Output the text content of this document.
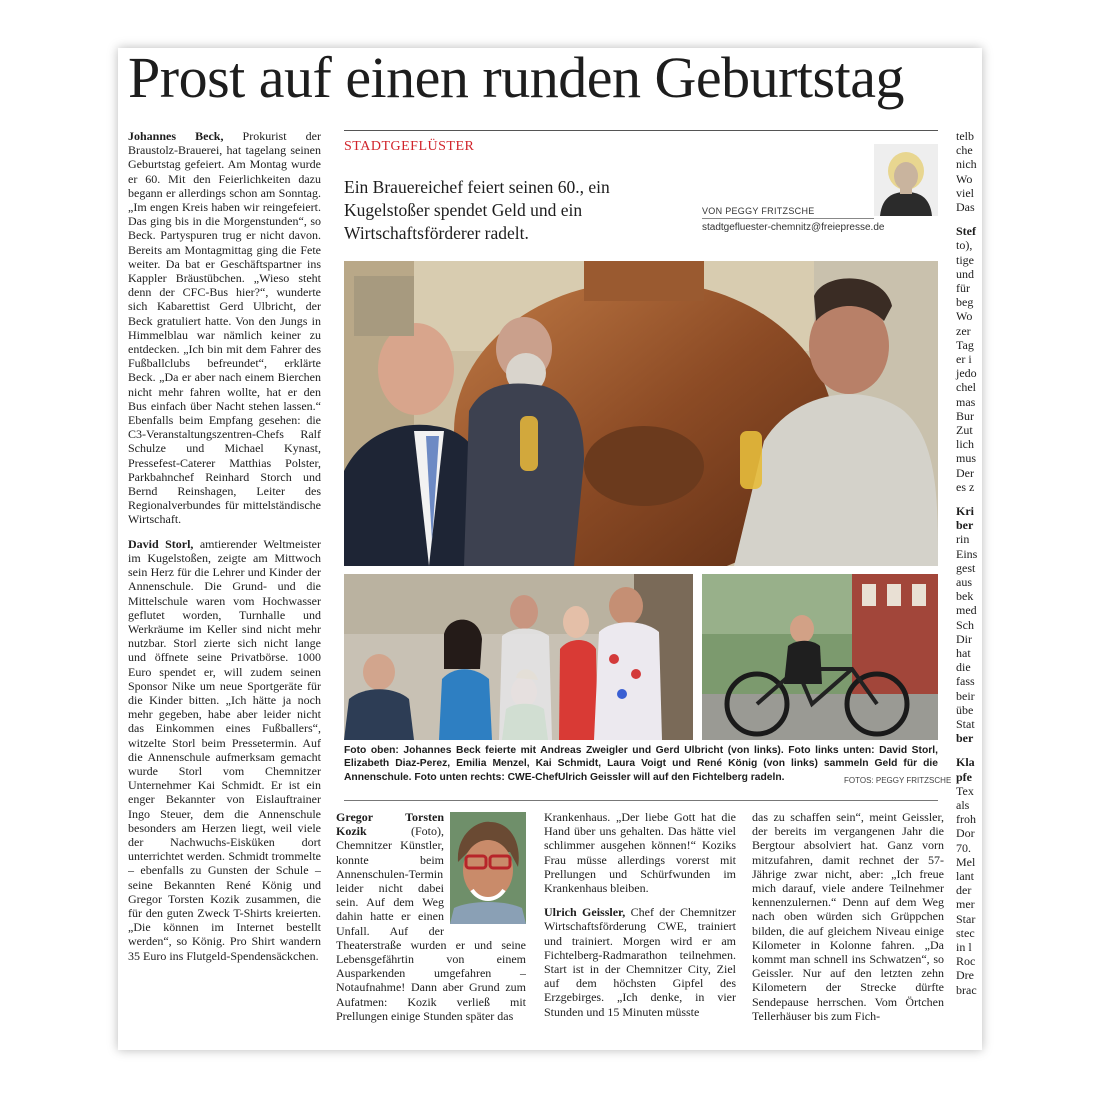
Prost auf einen runden Geburtstag

Johannes Beck, Prokurist der Braustolz-Brauerei, hat tagelang seinen Geburtstag gefeiert. Am Montag wurde er 60. Mit den Feierlichkeiten dazu begann er allerdings schon am Sonntag. „Im engen Kreis haben wir reingefeiert. Das ging bis in die Morgenstunden“, so Beck. Partyspuren trug er nicht davon. Bereits am Montagmittag ging die Fete weiter. Da bat er Geschäftspartner ins Kappler Bräustübchen. „Wieso steht denn der CFC-Bus hier?“, wunderte sich Kabarettist Gerd Ulbricht, der Beck gratuliert hatte. Von den Jungs in Himmelblau war nämlich keiner zu entdecken. „Ich bin mit dem Fahrer des Fußballclubs befreundet“, erklärte Beck. „Da er aber nach einem Bierchen nicht mehr fahren wollte, hat er den Bus einfach über Nacht stehen lassen.“ Ebenfalls beim Empfang gesehen: die C3-Veranstaltungszentren-Chefs Ralf Schulze und Michael Kynast, Pressefest-Caterer Matthias Polster, Parkbahnchef Reinhard Storch und Bernd Reinshagen, Leiter des Regionalverbundes für mittelständische Wirtschaft.

David Storl, amtierender Weltmeister im Kugelstoßen, zeigte am Mittwoch sein Herz für die Lehrer und Kinder der Annenschule. Die Grund- und die Mittelschule waren vom Hochwasser geflutet worden, Turnhalle und Werkräume im Keller sind nicht mehr nutzbar. Storl zierte sich nicht lange und öffnete seine Privatbörse. 1000 Euro spendet er, will zudem seinen Sponsor Nike um neue Sportgeräte für die Kinder bitten. „Ich hätte ja noch mehr gegeben, habe aber leider nicht das Einkommen eines Fußballers“, witzelte Storl beim Pressetermin. Auf die Annenschule aufmerksam gemacht wurde Storl vom Chemnitzer Unternehmer Kai Schmidt. Er ist ein enger Bekannter von Eislauftrainer Ingo Steuer, dem die Annenschule besonders am Herzen liegt, weil viele der Nachwuchs-Eisküken dort unterrichtet werden. Schmidt trommelte – ebenfalls zu Gunsten der Schule – seine Bekannten René König und Gregor Torsten Kozik zusammen, die für den guten Zweck T-Shirts kreierten. „Die können im Internet bestellt werden“, so König. Pro Shirt wandern 35 Euro ins Flutgeld-Spendensäckchen.

STADTGEFLÜSTER
Ein Brauereichef feiert seinen 60., ein Kugelstoßer spendet Geld und ein Wirtschaftsförderer radelt.
VON PEGGY FRITZSCHE
stadtgefluester-chemnitz@freiepresse.de
Foto oben: Johannes Beck feierte mit Andreas Zweigler und Gerd Ulbricht (von links). Foto links unten: David Storl, Elizabeth Diaz-Perez, Emilia Menzel, Kai Schmidt, Laura Voigt und René König (von links) sammeln Geld für die Annenschule. Foto unten rechts: CWE-ChefUlrich Geissler will auf den Fichtelberg radeln.	FOTOS: PEGGY FRITZSCHE

Gregor Torsten Kozik (Foto), Chemnitzer Künstler, konnte beim Annenschulen-Termin leider nicht dabei sein. Auf dem Weg dahin hatte er einen Unfall. Auf der Theaterstraße wurden er und seine Lebensgefährtin von einem Ausparkenden umgefahren – Notaufnahme! Dann aber Grund zum Aufatmen: Kozik verließ mit Prellungen einige Stunden später das

Krankenhaus. „Der liebe Gott hat die Hand über uns gehalten. Das hätte viel schlimmer ausgehen können!“ Koziks Frau müsse allerdings vorerst mit Prellungen und Schürfwunden im Krankenhaus bleiben.

Ulrich Geissler, Chef der Chemnitzer Wirtschaftsförderung CWE, trainiert und trainiert. Morgen wird er am Fichtelberg-Radmarathon teilnehmen. Start ist in der Chemnitzer City, Ziel auf dem höchsten Gipfel des Erzgebirges. „Ich denke, in vier Stunden und 15 Minuten müsste

das zu schaffen sein“, meint Geissler, der bereits im vergangenen Jahr die Bergtour absolviert hat. Ganz vorn mitzufahren, damit rechnet der 57-Jährige zwar nicht, aber: „Ich freue mich darauf, viele andere Teilnehmer kennenzulernen.“ Denn auf dem Weg nach oben würden sich Grüppchen bilden, die auf gleichem Niveau einige Kilometer in Kolonne fahren. „Da kommt man schnell ins Schwatzen“, so Geissler. Nur auf den letzten zehn Kilometern der Strecke dürfte Sendepause herrschen. Vom Örtchen Tellerhäuser bis zum Fich-

telb
che
nich
Wo
viel
Das
Stef
to),
tige
und
für
beg
Wo
zer
Tag
er i
jedo
chel
mas
Bur
Zut
lich
mus
Der
es z
Kri
ber
rin
Eins
gest
aus
bek
med
Sch
Dir
hat
die
fass
beir
übe
Stat
ber
Kla
pfe
Tex
als
froh
Dor
70.
Mel
lant
der
mer
Star
stec
in l
Roc
Dre
brac
